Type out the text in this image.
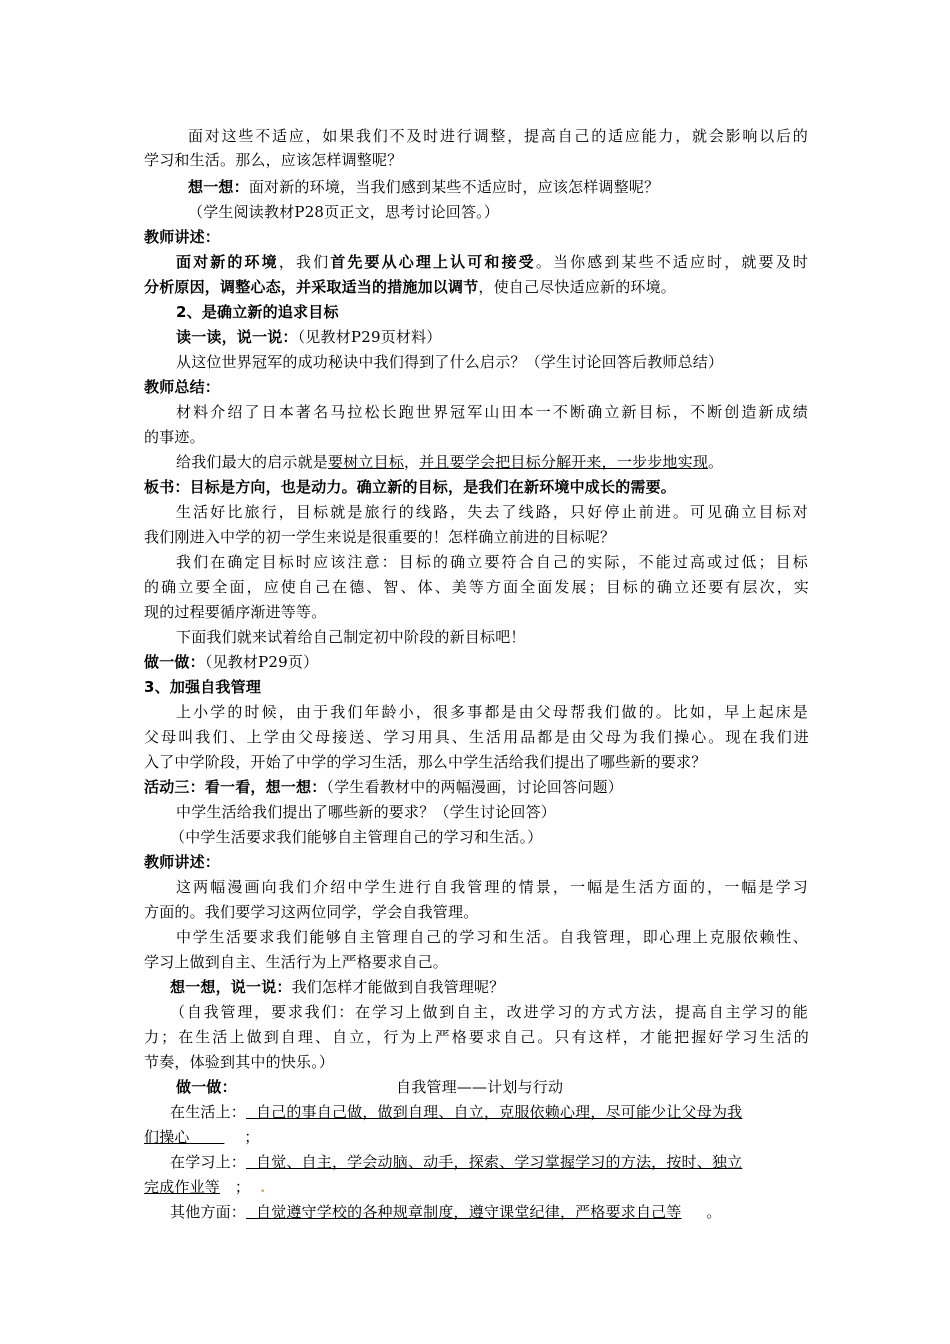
面对这些不适应，如果我们不及时进行调整，提高自己的适应能力，就会影响以后的
学习和生活。那么，应该怎样调整呢？
想一想：面对新的环境，当我们感到某些不适应时，应该怎样调整呢？
（学生阅读教材P28页正文，思考讨论回答。）
教师讲述：
面对新的环境，我们首先要从心理上认可和接受。当你感到某些不适应时，就要及时
分析原因，调整心态，并采取适当的措施加以调节，使自己尽快适应新的环境。
2、是确立新的追求目标
读一读，说一说：（见教材P29页材料）
从这位世界冠军的成功秘诀中我们得到了什么启示？（学生讨论回答后教师总结）
教师总结：
材料介绍了日本著名马拉松长跑世界冠军山田本一不断确立新目标，不断创造新成绩
的事迹。
给我们最大的启示就是要树立目标，并且要学会把目标分解开来，一步步地实现。
板书：目标是方向，也是动力。确立新的目标，是我们在新环境中成长的需要。
生活好比旅行，目标就是旅行的线路，失去了线路，只好停止前进。可见确立目标对
我们刚进入中学的初一学生来说是很重要的！怎样确立前进的目标呢？
我们在确定目标时应该注意：目标的确立要符合自己的实际，不能过高或过低；目标
的确立要全面，应使自己在德、智、体、美等方面全面发展；目标的确立还要有层次，实
现的过程要循序渐进等等。
下面我们就来试着给自己制定初中阶段的新目标吧！
做一做：（见教材P29页）
3、加强自我管理
上小学的时候，由于我们年龄小，很多事都是由父母帮我们做的。比如，早上起床是
父母叫我们、上学由父母接送、学习用具、生活用品都是由父母为我们操心。现在我们进
入了中学阶段，开始了中学的学习生活，那么中学生活给我们提出了哪些新的要求？
活动三：看一看，想一想：（学生看教材中的两幅漫画，讨论回答问题）
中学生活给我们提出了哪些新的要求？（学生讨论回答）
（中学生活要求我们能够自主管理自己的学习和生活。）
教师讲述：
这两幅漫画向我们介绍中学生进行自我管理的情景，一幅是生活方面的，一幅是学习
方面的。我们要学习这两位同学，学会自我管理。
中学生活要求我们能够自主管理自己的学习和生活。自我管理，即心理上克服依赖性、
学习上做到自主、生活行为上严格要求自己。
想一想，说一说：我们怎样才能做到自我管理呢？
（自我管理，要求我们：在学习上做到自主，改进学习的方式方法，提高自主学习的能
力；在生活上做到自理、自立，行为上严格要求自己。只有这样，才能把握好学习生活的
节奏，体验到其中的快乐。）
做一做：	自我管理——计划与行动
在生活上： 自己的事自己做，做到自理、自立，克服依赖心理，尽可能少让父母为我
们操心	；
在学习上： 自觉、自主，学会动脑、动手，探索、学习掌握学习的方法，按时、独立
完成作业等 ； .
其他方面： 自觉遵守学校的各种规章制度，遵守课堂纪律，严格要求自己等 。
